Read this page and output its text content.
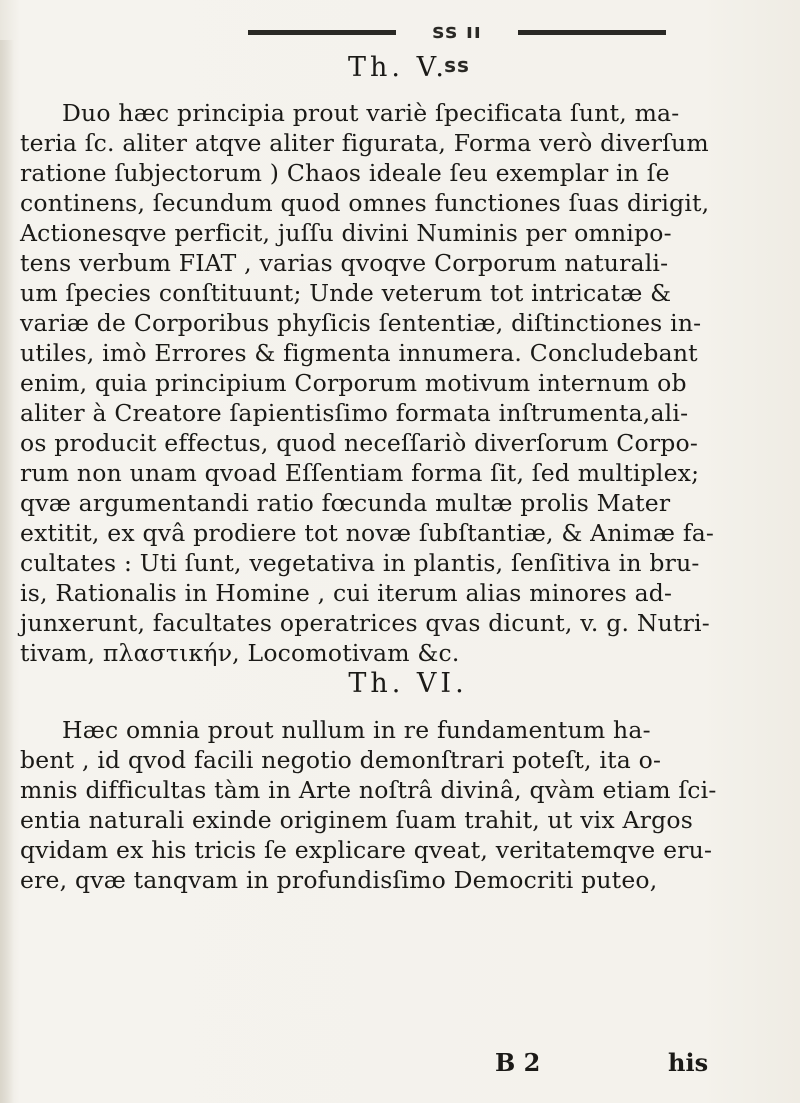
ss ıı ss
Th. V.
Duo hæc principia prout variè ſpecificata ſunt, ma-
teria ſc. aliter atqve aliter figurata, Forma verò diverſum
ratione ſubjectorum ) Chaos ideale ſeu exemplar in ſe
continens, ſecundum quod omnes functiones ſuas dirigit,
Actionesqve perficit, juſſu divini Numinis per omnipo-
tens verbum FIAT , varias qvoqve Corporum naturali-
um ſpecies conſtituunt; Unde veterum tot intricatæ &
variæ de Corporibus phyſicis ſententiæ, diſtinctiones in-
utiles, imò Errores & figmenta innumera. Concludebant
enim, quia principium Corporum motivum internum ob
aliter à Creatore ſapientisſimo formata inſtrumenta,ali-
os producit effectus, quod neceſſariò diverſorum Corpo-
rum non unam qvoad Eſſentiam forma ſit, ſed multiplex;
qvæ argumentandi ratio fœcunda multæ prolis Mater
extitit, ex qvâ prodiere tot novæ ſubſtantiæ, & Animæ fa-
cultates : Uti ſunt, vegetativa in plantis, ſenſitiva in bru-
is, Rationalis in Homine , cui iterum alias minores ad-
junxerunt, facultates operatrices qvas dicunt, v. g. Nutri-
tivam, πλαστικήν, Locomotivam &c.
Th. VI.
Hæc omnia prout nullum in re fundamentum ha-
bent , id qvod facili negotio demonſtrari poteſt, ita o-
mnis difficultas tàm in Arte noſtrâ divinâ, qvàm etiam ſci-
entia naturali exinde originem ſuam trahit, ut vix Argos
qvidam ex his tricis ſe explicare qveat, veritatemqve eru-
ere, qvæ tanqvam in profundisſimo Democriti puteo,
B 2	his
